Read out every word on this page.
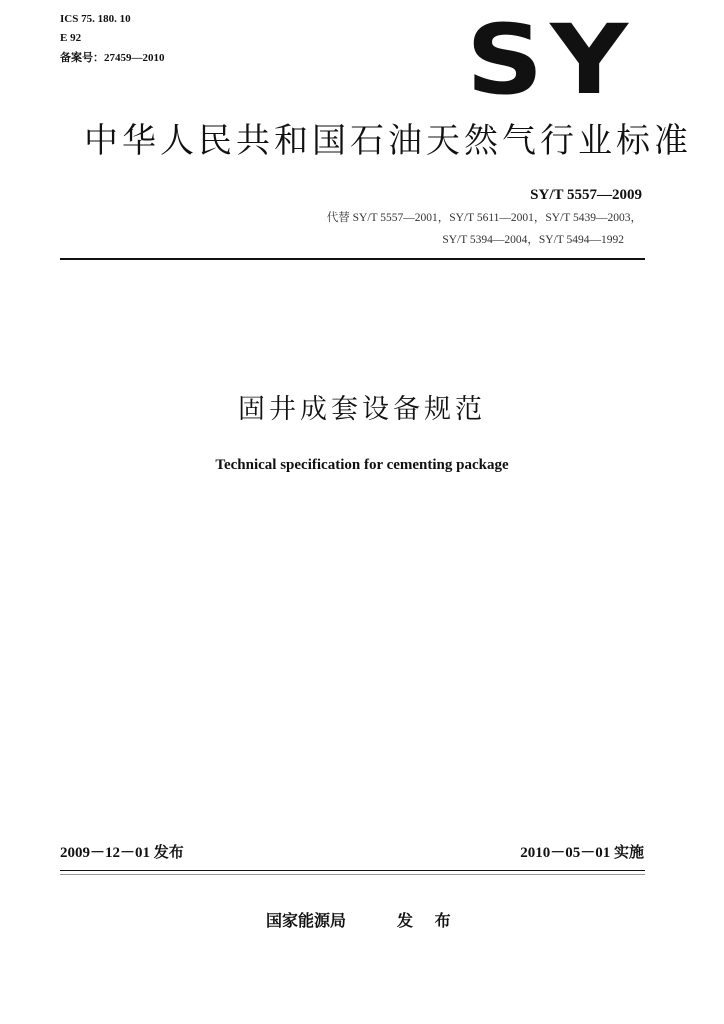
ICS 75. 180. 10
E 92
备案号：27459—2010	SY
中华人民共和国石油天然气行业标准
SY/T 5557—2009
代替 SY/T 5557—2001，SY/T 5611—2001，SY/T 5439—2003，
SY/T 5394—2004，SY/T 5494—1992
固井成套设备规范
Technical specification for cementing package
2009－12－01 发布	2010－05－01 实施
国家能源局	发 布
